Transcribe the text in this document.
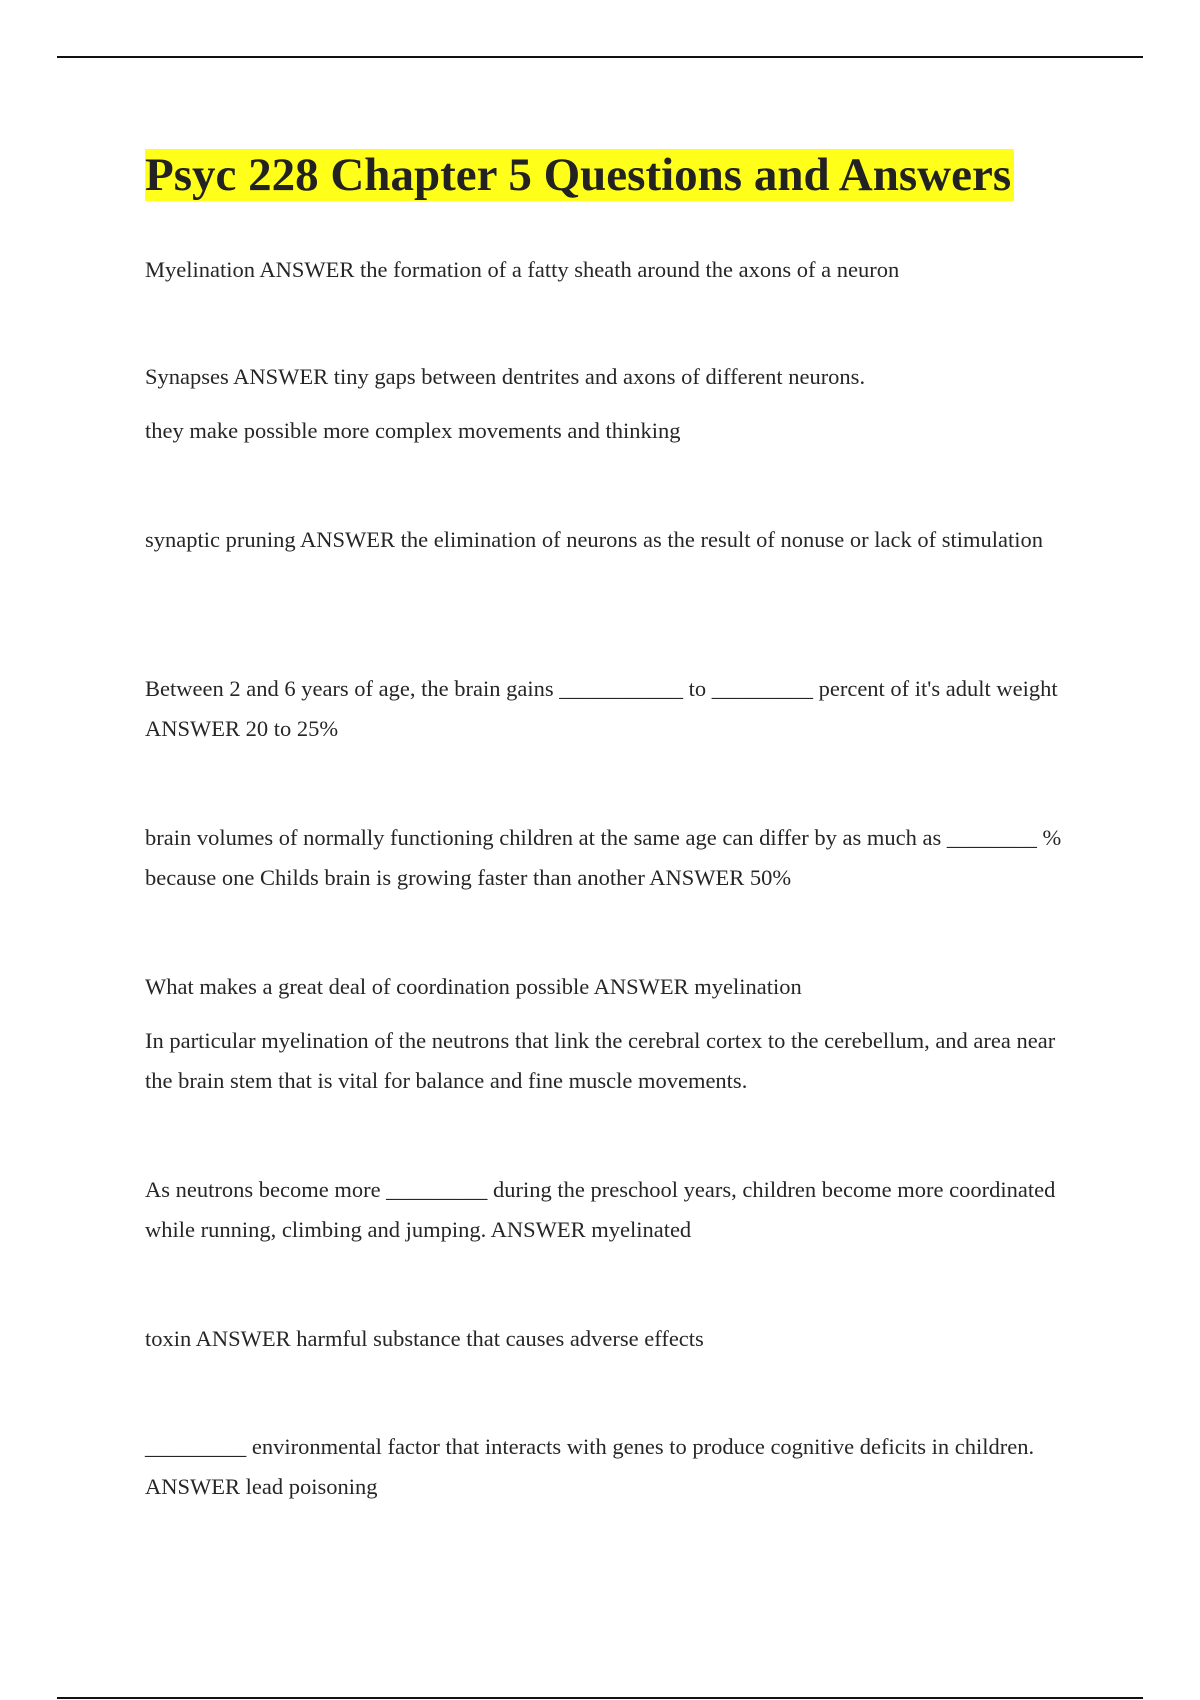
Psyc 228 Chapter 5 Questions and Answers

Myelination ANSWER the formation of a fatty sheath around the axons of a neuron

Synapses ANSWER tiny gaps between dentrites and axons of different neurons.

they make possible more complex movements and thinking

synaptic pruning ANSWER the elimination of neurons as the result of nonuse or lack of stimulation

Between 2 and 6 years of age, the brain gains ___________ to _________ percent of it's adult weight ANSWER 20 to 25%

brain volumes of normally functioning children at the same age can differ by as much as ________ % because one Childs brain is growing faster than another ANSWER 50%

What makes a great deal of coordination possible ANSWER myelination

In particular myelination of the neutrons that link the cerebral cortex to the cerebellum, and area near the brain stem that is vital for balance and fine muscle movements.

As neutrons become more _________ during the preschool years, children become more coordinated while running, climbing and jumping. ANSWER myelinated

toxin ANSWER harmful substance that causes adverse effects

_________ environmental factor that interacts with genes to produce cognitive deficits in children. ANSWER lead poisoning
